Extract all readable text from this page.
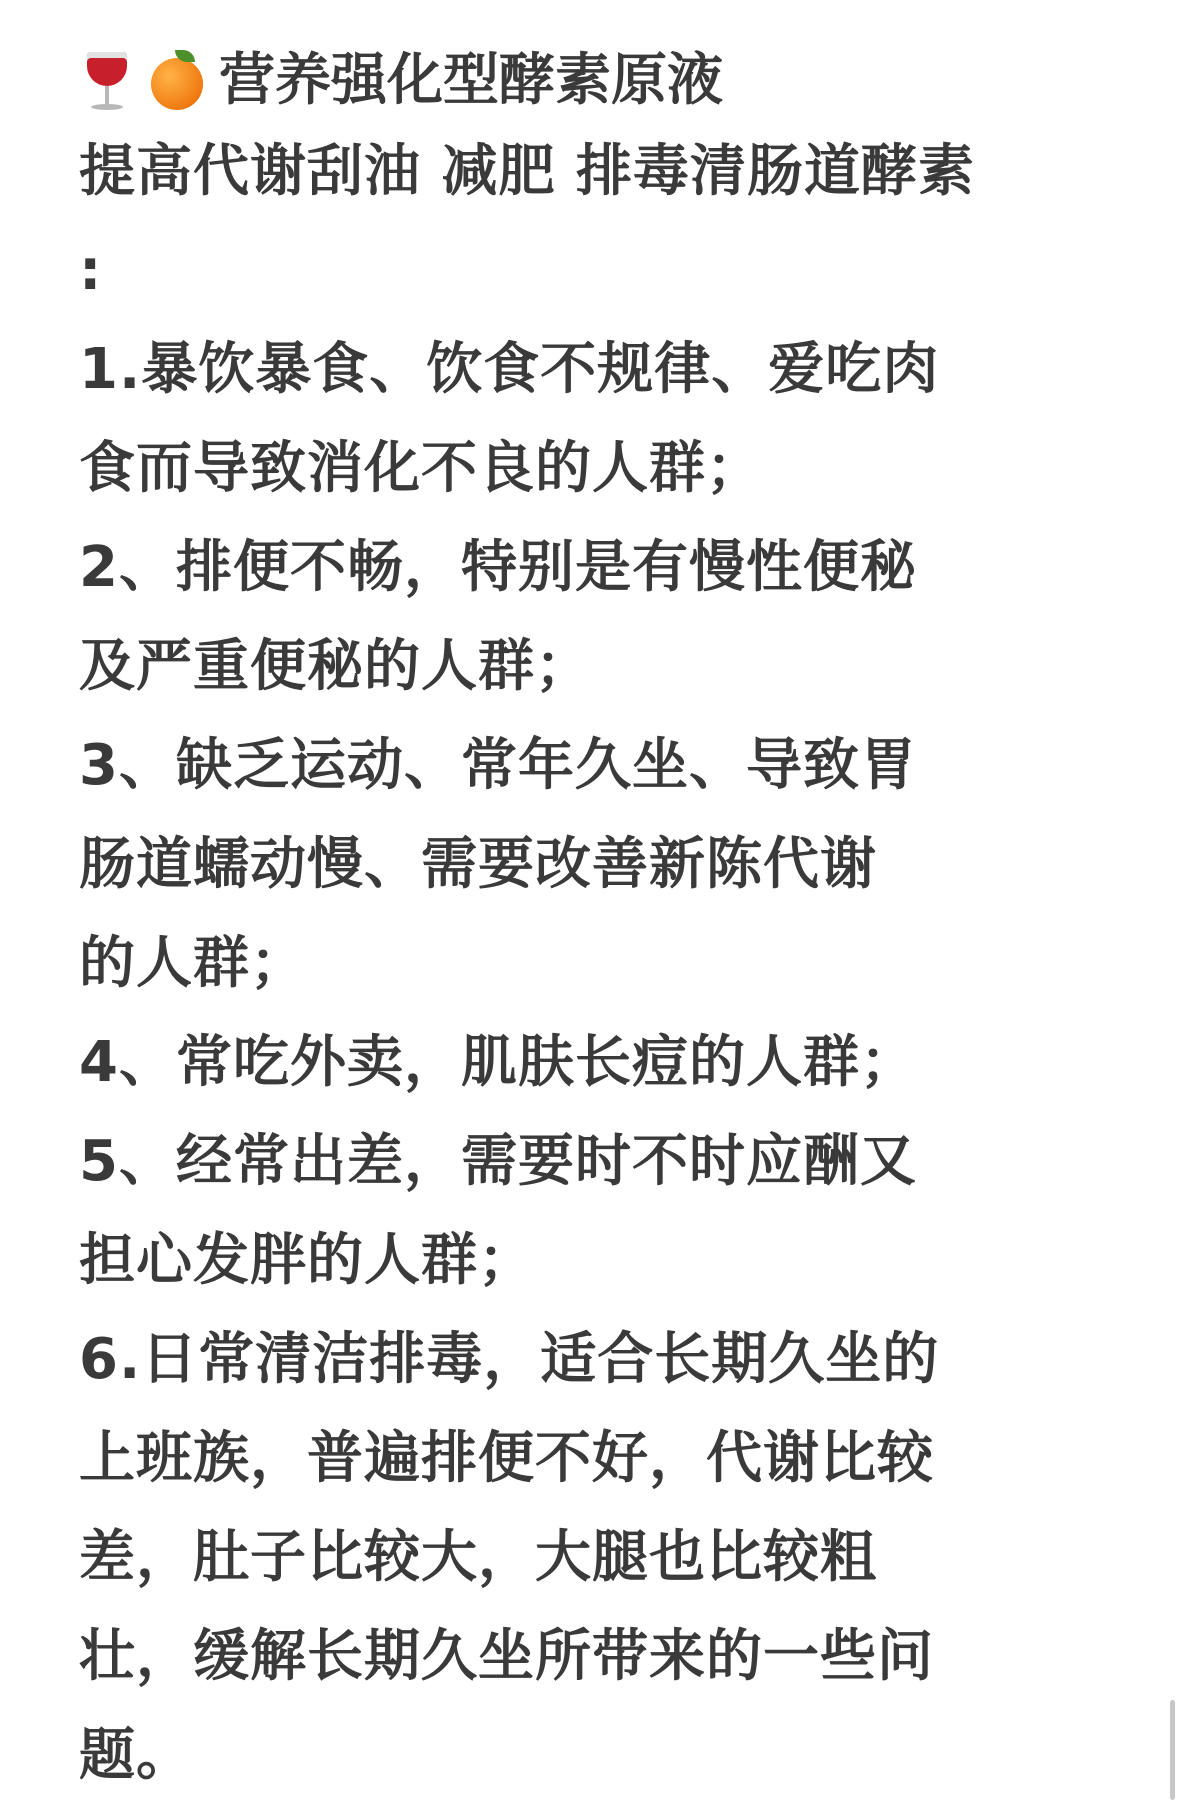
营养强化型酵素原液
提高代谢刮油 减肥 排毒清肠道酵素
:
1.暴饮暴食、饮食不规律、爱吃肉
食而导致消化不良的人群；
2、排便不畅，特别是有慢性便秘
及严重便秘的人群；
3、缺乏运动、常年久坐、导致胃
肠道蠕动慢、需要改善新陈代谢
的人群；
4、常吃外卖，肌肤长痘的人群；
5、经常出差，需要时不时应酬又
担心发胖的人群；
6.日常清洁排毒，适合长期久坐的
上班族，普遍排便不好，代谢比较
差，肚子比较大，大腿也比较粗
壮，缓解长期久坐所带来的一些问
题。
